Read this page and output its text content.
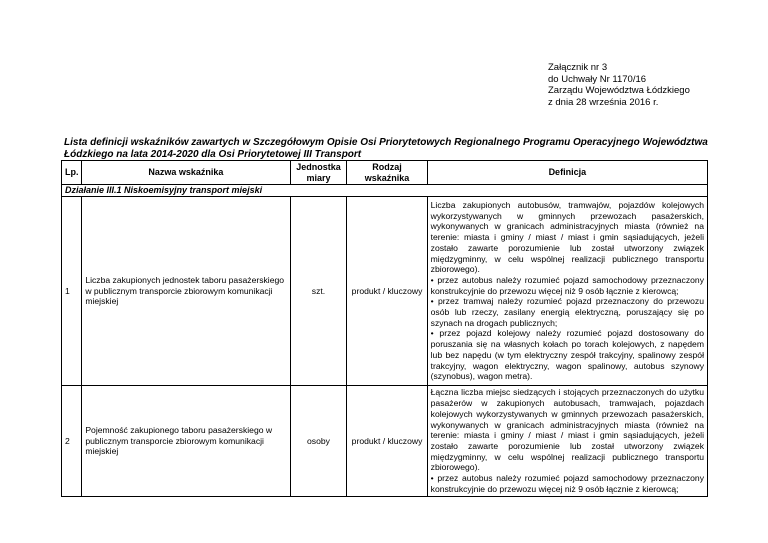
Załącznik nr 3
do Uchwały Nr 1170/16
Zarządu Województwa Łódzkiego
z dnia 28 września 2016 r.
Lista definicji wskaźników zawartych w Szczegółowym Opisie Osi Priorytetowych Regionalnego Programu Operacyjnego Województwa Łódzkiego na lata 2014-2020 dla Osi Priorytetowej III Transport
Lp.	Nazwa wskaźnika	Jednostka miary	Rodzaj wskaźnika	Definicja
Działanie III.1 Niskoemisyjny transport miejski				
1	Liczba zakupionych jednostek taboru pasażerskiego w publicznym transporcie zbiorowym komunikacji miejskiej	szt.	produkt / kluczowy	Liczba zakupionych autobusów, tramwajów, pojazdów kolejowych wykorzystywanych w gminnych przewozach pasażerskich, wykonywanych w granicach administracyjnych miasta (również na terenie: miasta i gminy / miast / miast i gmin sąsiadujących, jeżeli zostało zawarte porozumienie lub został utworzony związek międzygminny, w celu wspólnej realizacji publicznego transportu zbiorowego).

• przez autobus należy rozumieć pojazd samochodowy przeznaczony konstrukcyjnie do przewozu więcej niż 9 osób łącznie z kierowcą;

• przez tramwaj należy rozumieć pojazd przeznaczony do przewozu osób lub rzeczy, zasilany energią elektryczną, poruszający się po szynach na drogach publicznych;

• przez pojazd kolejowy należy rozumieć pojazd dostosowany do poruszania się na własnych kołach po torach kolejowych, z napędem lub bez napędu (w tym elektryczny zespół trakcyjny, spalinowy zespół trakcyjny, wagon elektryczny, wagon spalinowy, autobus szynowy (szynobus), wagon metra).

2	Pojemność zakupionego taboru pasażerskiego w publicznym transporcie zbiorowym komunikacji miejskiej	osoby	produkt / kluczowy	Łączna liczba miejsc siedzących i stojących przeznaczonych do użytku pasażerów w zakupionych autobusach, tramwajach, pojazdach kolejowych wykorzystywanych w gminnych przewozach pasażerskich, wykonywanych w granicach administracyjnych miasta (również na terenie: miasta i gminy / miast / miast i gmin sąsiadujących, jeżeli zostało zawarte porozumienie lub został utworzony związek międzygminny, w celu wspólnej realizacji publicznego transportu zbiorowego).

• przez autobus należy rozumieć pojazd samochodowy przeznaczony konstrukcyjnie do przewozu więcej niż 9 osób łącznie z kierowcą;
